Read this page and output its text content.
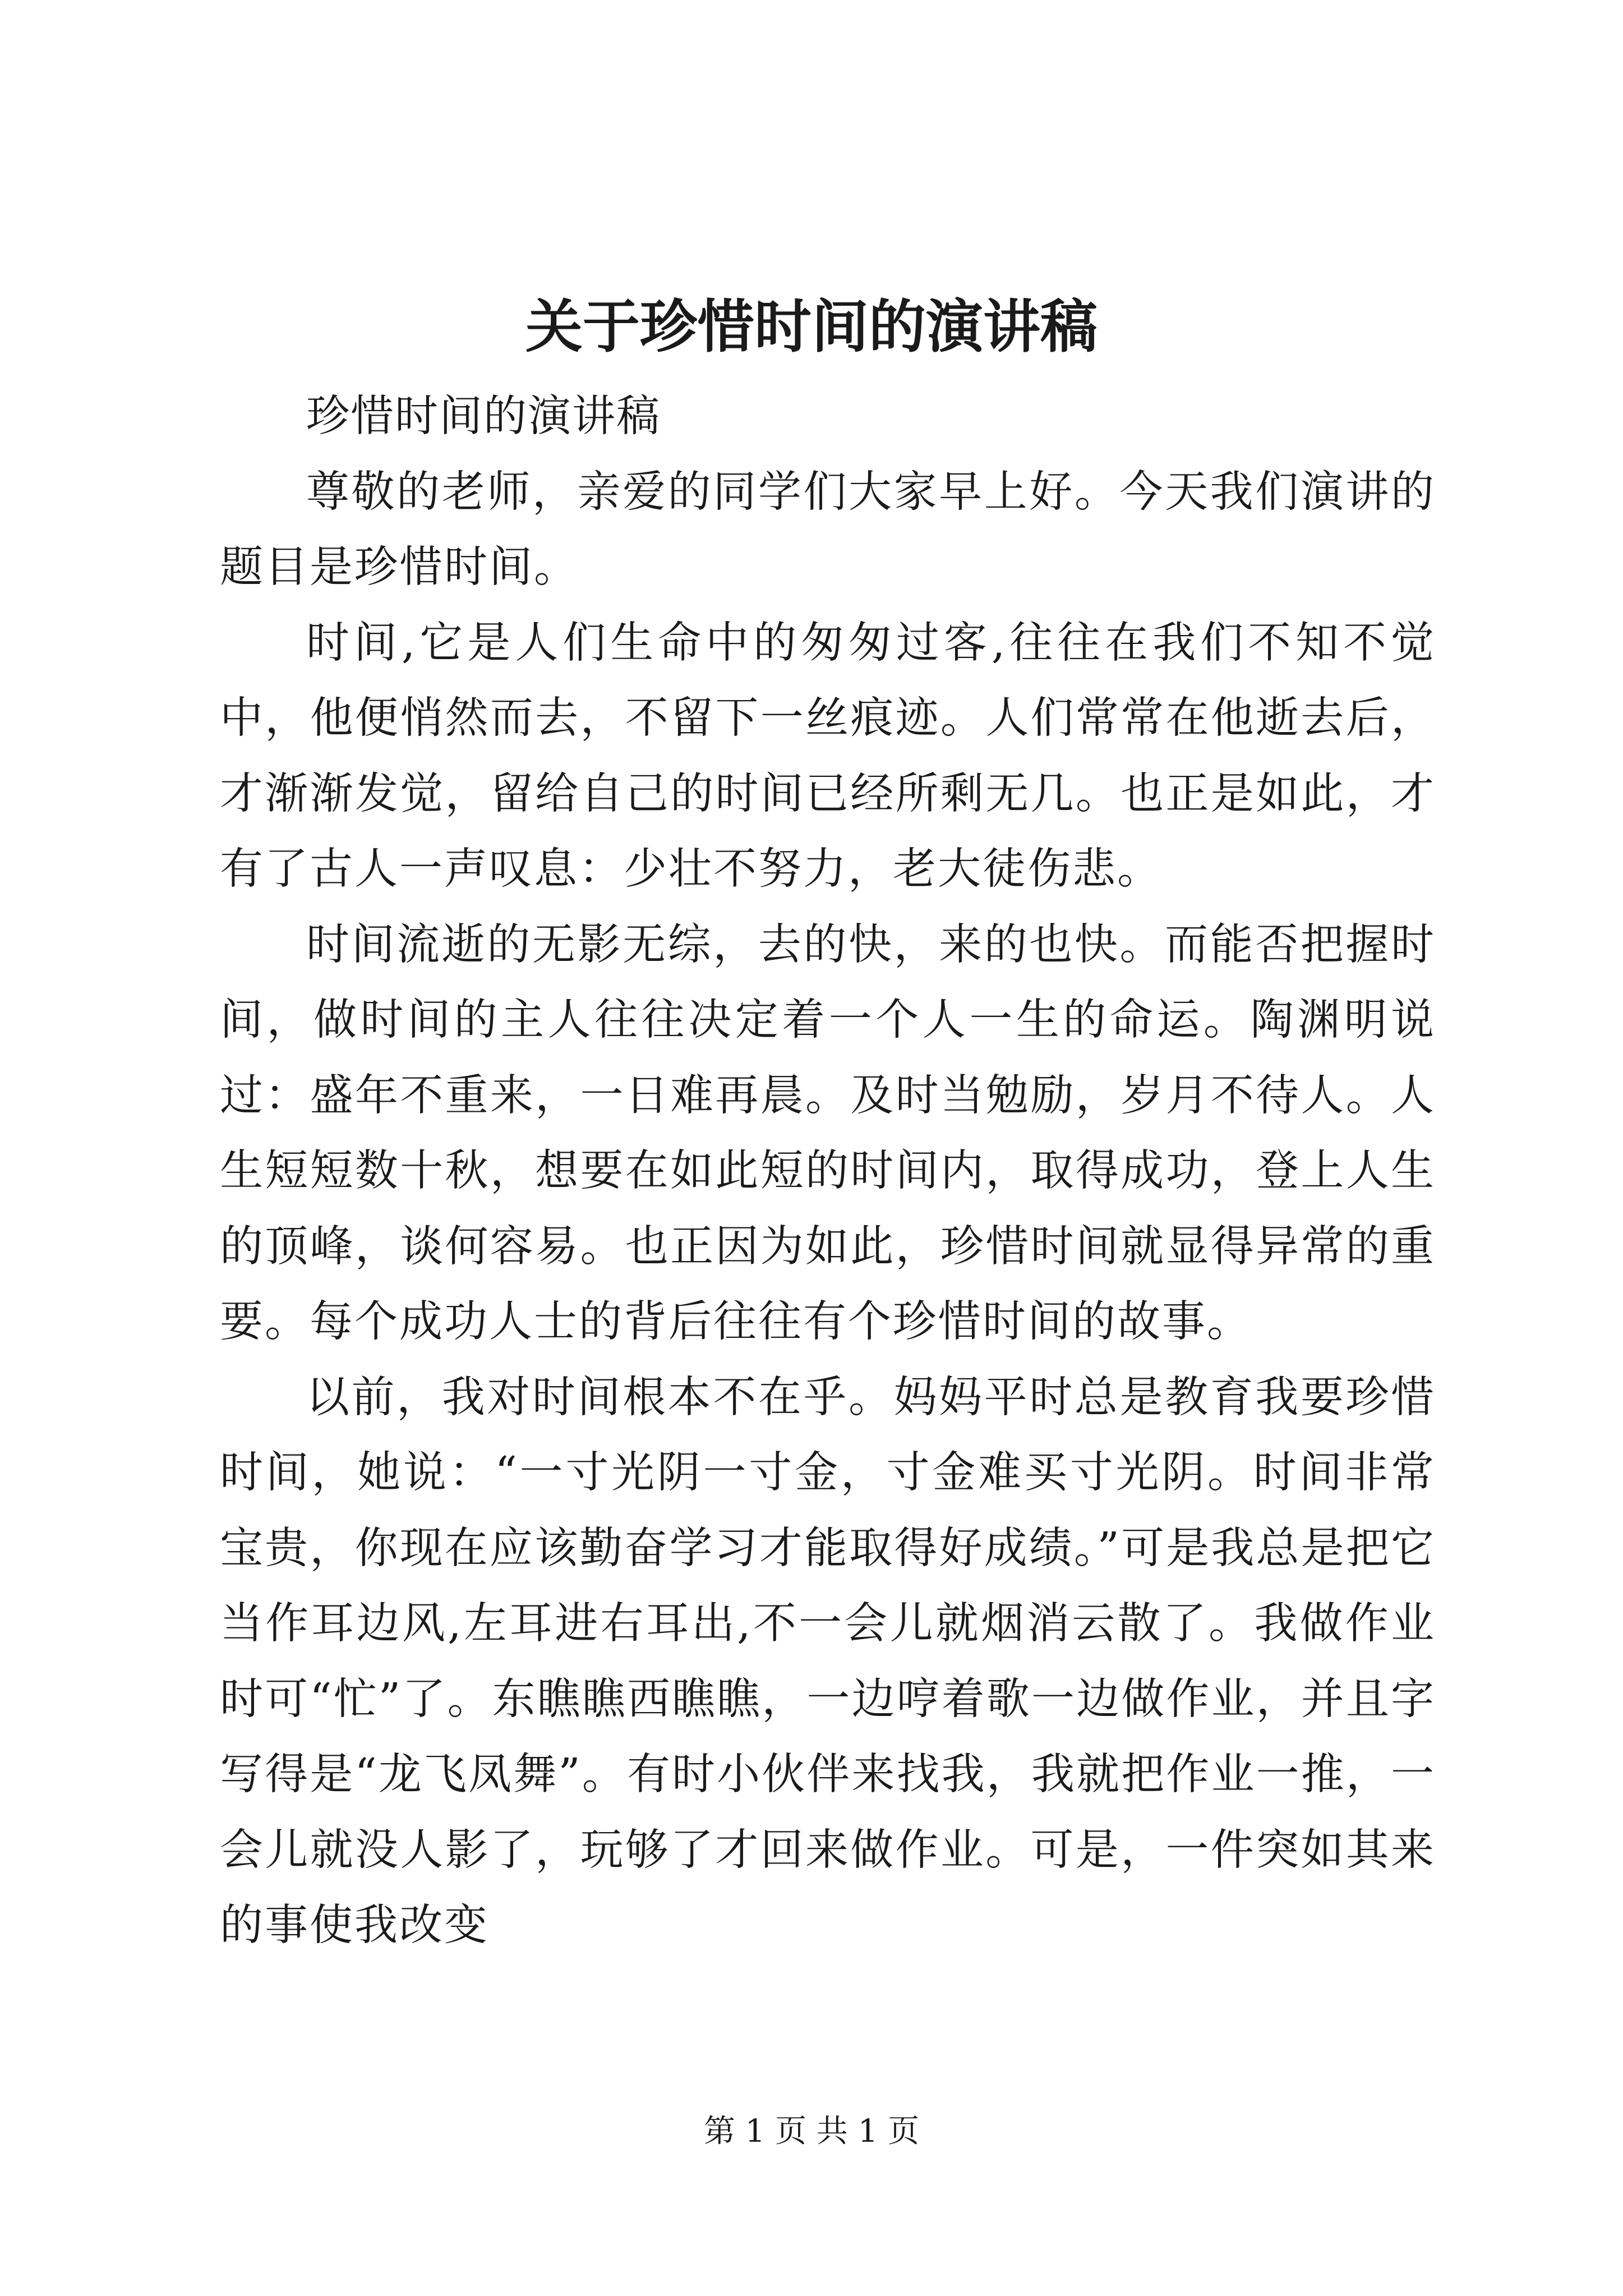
关于珍惜时间的演讲稿

珍惜时间的演讲稿

尊敬的老师，亲爱的同学们大家早上好。今天我们演讲的题目是珍惜时间。

时间,它是人们生命中的匆匆过客,往往在我们不知不觉中，他便悄然而去，不留下一丝痕迹。人们常常在他逝去后，才渐渐发觉，留给自己的时间已经所剩无几。也正是如此，才有了古人一声叹息：少壮不努力，老大徒伤悲。

时间流逝的无影无综，去的快，来的也快。而能否把握时间，做时间的主人往往决定着一个人一生的命运。陶渊明说过：盛年不重来，一日难再晨。及时当勉励，岁月不待人。人生短短数十秋，想要在如此短的时间内，取得成功，登上人生的顶峰，谈何容易。也正因为如此，珍惜时间就显得异常的重要。每个成功人士的背后往往有个珍惜时间的故事。

以前，我对时间根本不在乎。妈妈平时总是教育我要珍惜时间，她说：“一寸光阴一寸金，寸金难买寸光阴。时间非常宝贵，你现在应该勤奋学习才能取得好成绩。”可是我总是把它当作耳边风,左耳进右耳出,不一会儿就烟消云散了。我做作业时可“忙”了。东瞧瞧西瞧瞧，一边哼着歌一边做作业，并且字写得是“龙飞凤舞”。有时小伙伴来找我，我就把作业一推，一会儿就没人影了，玩够了才回来做作业。可是，一件突如其来的事使我改变

第 1 页 共 1 页
